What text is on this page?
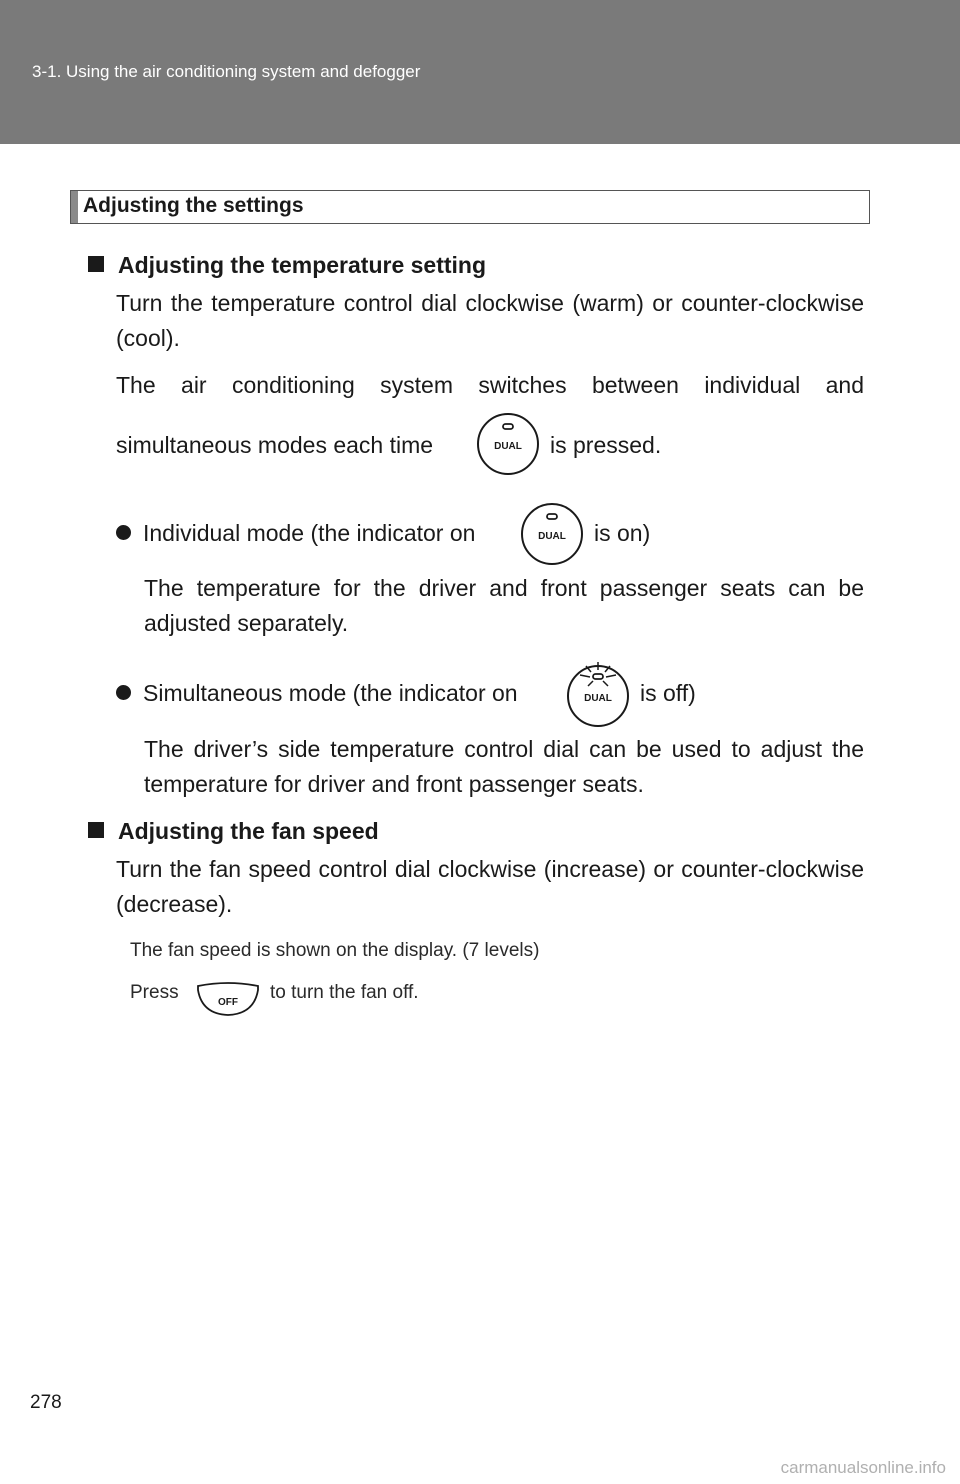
3-1. Using the air conditioning system and defogger
Adjusting the settings
Adjusting the temperature setting
Turn the temperature control dial clockwise (warm) or counter-clockwise (cool).
The air conditioning system switches between individual and
simultaneous modes each time	DUAL is pressed.
Individual mode (the indicator on	DUAL is on)
The temperature for the driver and front passenger seats can be adjusted separately.
Simultaneous mode (the indicator on	DUAL is off)
The driver’s side temperature control dial can be used to adjust the temperature for driver and front passenger seats.
Adjusting the fan speed
Turn the fan speed control dial clockwise (increase) or counter-clockwise (decrease).
The fan speed is shown on the display. (7 levels)
Press	OFF to turn the fan off.
278
carmanualsonline.info
